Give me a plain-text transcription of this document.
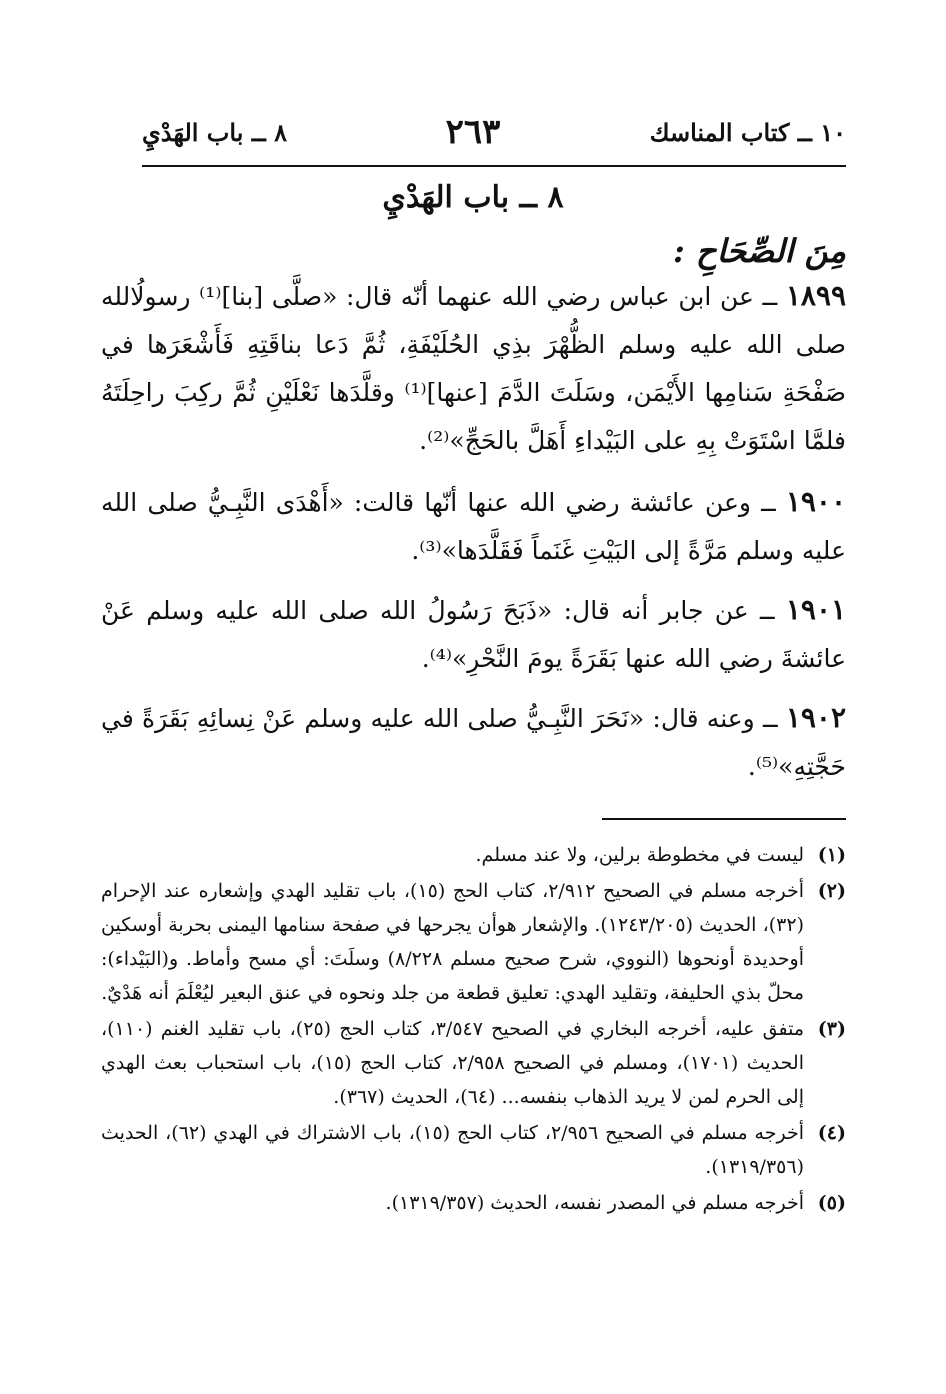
١٠ ــ كتاب المناسك
٢٦٣
٨ ــ باب الهَدْيِ
٨ ــ باب الهَدْيِ
مِنَ الصِّحَاحِ :
١٨٩٩ ــ عن ابن عباس رضي الله عنهما أنّه قال: «صلَّى [بنا]⁽¹⁾ رسولُالله صلى الله عليه وسلم الظُّهْرَ بذِي الحُلَيْفَةِ، ثُمَّ دَعا بناقَتِهِ فَأَشْعَرَها في صَفْحَةِ سَنامِها الأَيْمَن، وسَلَتَ الدَّمَ [عنها]⁽¹⁾ وقلَّدَها نَعْلَيْنِ ثُمَّ ركِبَ راحِلَتَهُ فلمَّا اسْتَوَتْ بِهِ على البَيْداءِ أَهَلَّ بالحَجِّ»⁽²⁾.
١٩٠٠ ــ وعن عائشة رضي الله عنها أنّها قالت: «أَهْدَى النَّبِـيُّ صلى الله عليه وسلم مَرَّةً إلى البَيْتِ غَنَماً فَقَلَّدَها»⁽³⁾.
١٩٠١ ــ عن جابر أنه قال: «ذَبَحَ رَسُولُ الله صلى الله عليه وسلم عَنْ عائشةَ رضي الله عنها بَقَرَةً يومَ النَّحْرِ»⁽⁴⁾.
١٩٠٢ ــ وعنه قال: «نَحَرَ النَّبِـيُّ صلى الله عليه وسلم عَنْ نِسائِهِ بَقَرَةً في حَجَّتِهِ»⁽⁵⁾.
(١)
ليست في مخطوطة برلين، ولا عند مسلم.
(٢)
أخرجه مسلم في الصحيح ٢/٩١٢، كتاب الحج (١٥)، باب تقليد الهدي وإشعاره عند الإحرام (٣٢)، الحديث (١٢٤٣/٢٠٥). والإشعار هوأن يجرحها في صفحة سنامها اليمنى بحربة أوسكين أوحديدة أونحوها (النووي، شرح صحيح مسلم ٨/٢٢٨) وسلَتَ: أي مسح وأماط. و(البَيْداء): محلّ بذي الحليفة، وتقليد الهدي: تعليق قطعة من جلد ونحوه في عنق البعير ليُعْلَمَ أنه هَدْيٌ.
(٣)
متفق عليه، أخرجه البخاري في الصحيح ٣/٥٤٧، كتاب الحج (٢٥)، باب تقليد الغنم (١١٠)، الحديث (١٧٠١)، ومسلم في الصحيح ٢/٩٥٨، كتاب الحج (١٥)، باب استحباب بعث الهدي إلى الحرم لمن لا يريد الذهاب بنفسه... (٦٤)، الحديث (٣٦٧).
(٤)
أخرجه مسلم في الصحيح ٢/٩٥٦، كتاب الحج (١٥)، باب الاشتراك في الهدي (٦٢)، الحديث (١٣١٩/٣٥٦).
(٥)
أخرجه مسلم في المصدر نفسه، الحديث (١٣١٩/٣٥٧).
